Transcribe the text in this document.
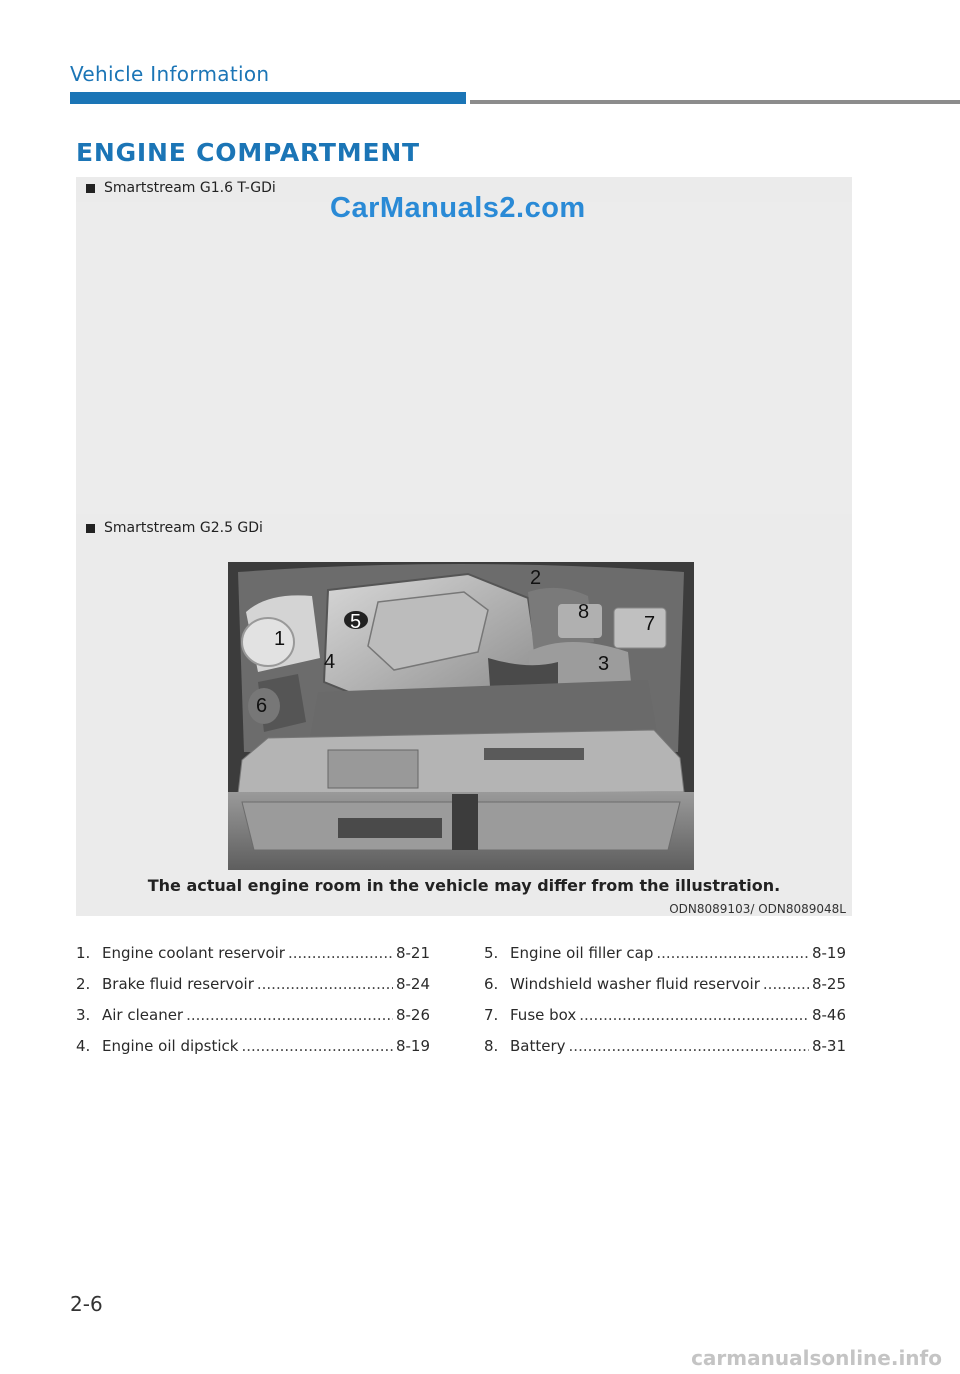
Vehicle Information
ENGINE COMPARTMENT
Smartstream G1.6 T-GDi
CarManuals2.com
Smartstream G2.5 GDi
1
2
3
4
5
6
7
8
The actual engine room in the vehicle may differ from the illustration.
ODN8089103/ ODN8089048L
1. Engine coolant reservoir .....	8-21
2. Brake fluid reservoir .....	8-24
3. Air cleaner .....	8-26
4. Engine oil dipstick .....	8-19
5. Engine oil filler cap .....	8-19
6. Windshield washer fluid reservoir .....	8-25
7. Fuse box .....	8-46
8. Battery .....	8-31
2-6
carmanualsonline.info
